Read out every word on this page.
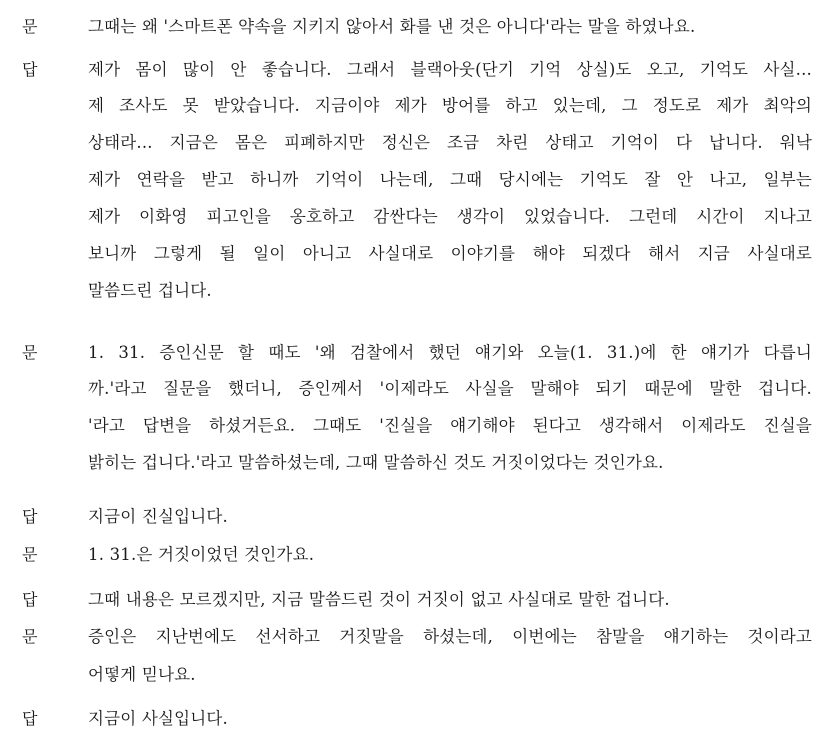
문	그때는 왜 '스마트폰 약속을 지키지 않아서 화를 낸 것은 아니다'라는 말을 하였나요.
답	제가 몸이 많이 안 좋습니다. 그래서 블랙아웃(단기 기억 상실)도 오고, 기억도 사실...
제 조사도 못 받았습니다. 지금이야 제가 방어를 하고 있는데, 그 정도로 제가 최악의
상태라... 지금은 몸은 피폐하지만 정신은 조금 차린 상태고 기억이 다 납니다. 워낙
제가 연락을 받고 하니까 기억이 나는데, 그때 당시에는 기억도 잘 안 나고, 일부는
제가 이화영 피고인을 옹호하고 감싼다는 생각이 있었습니다. 그런데 시간이 지나고
보니까 그렇게 될 일이 아니고 사실대로 이야기를 해야 되겠다 해서 지금 사실대로
말씀드린 겁니다.
문	1. 31. 증인신문 할 때도 '왜 검찰에서 했던 얘기와 오늘(1. 31.)에 한 얘기가 다릅니
까.'라고 질문을 했더니, 증인께서 '이제라도 사실을 말해야 되기 때문에 말한 겁니다.
'라고 답변을 하셨거든요. 그때도 '진실을 얘기해야 된다고 생각해서 이제라도 진실을
밝히는 겁니다.'라고 말씀하셨는데, 그때 말씀하신 것도 거짓이었다는 것인가요.
답	지금이 진실입니다.
문	1. 31.은 거짓이었던 것인가요.
답	그때 내용은 모르겠지만, 지금 말씀드린 것이 거짓이 없고 사실대로 말한 겁니다.
문	증인은 지난번에도 선서하고 거짓말을 하셨는데, 이번에는 참말을 얘기하는 것이라고
어떻게 믿나요.
답	지금이 사실입니다.
